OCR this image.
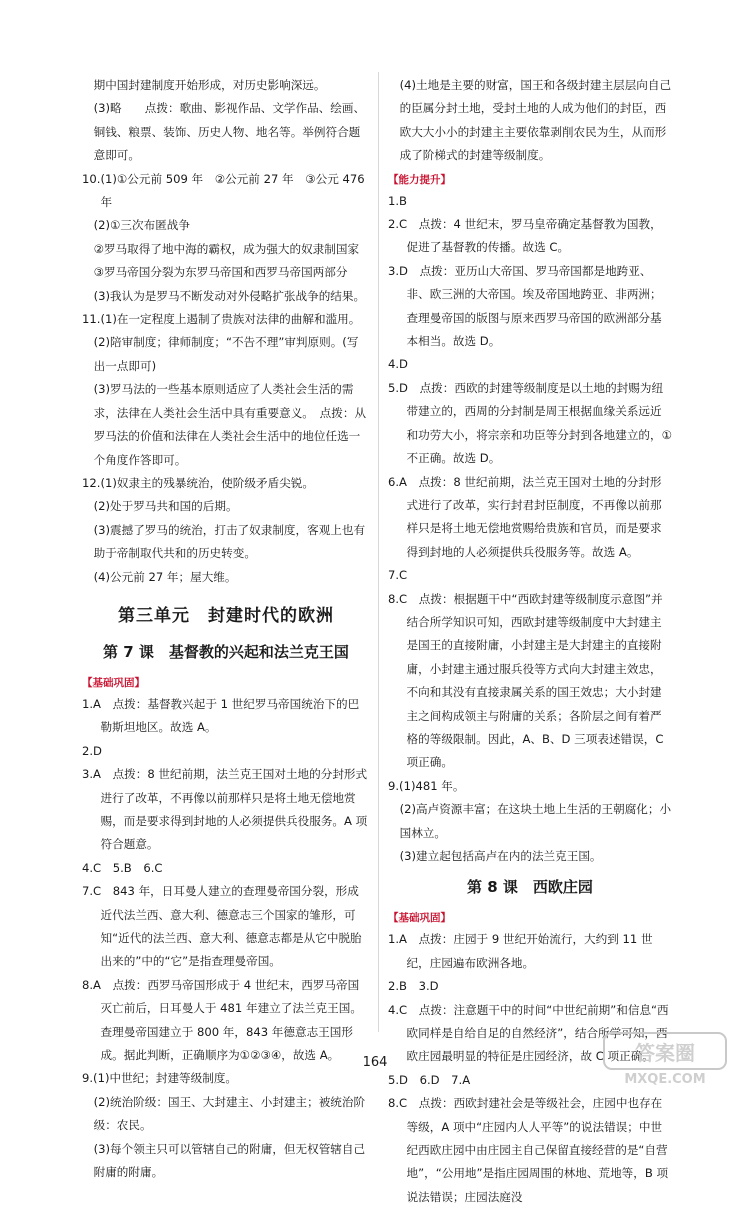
期中国封建制度开始形成，对历史影响深远。
(3)略　　点拨：歌曲、影视作品、文学作品、绘画、铜钱、粮票、装饰、历史人物、地名等。举例符合题意即可。
10.(1)①公元前 509 年　②公元前 27 年　③公元 476 年
(2)①三次布匿战争
②罗马取得了地中海的霸权，成为强大的奴隶制国家
③罗马帝国分裂为东罗马帝国和西罗马帝国两部分
(3)我认为是罗马不断发动对外侵略扩张战争的结果。
11.(1)在一定程度上遏制了贵族对法律的曲解和滥用。
(2)陪审制度；律师制度；“不告不理”审判原则。(写出一点即可)
(3)罗马法的一些基本原则适应了人类社会生活的需求，法律在人类社会生活中具有重要意义。　点拨：从罗马法的价值和法律在人类社会生活中的地位任选一个角度作答即可。
12.(1)奴隶主的残暴统治，使阶级矛盾尖锐。
(2)处于罗马共和国的后期。
(3)震撼了罗马的统治，打击了奴隶制度，客观上也有助于帝制取代共和的历史转变。
(4)公元前 27 年；屋大维。
第三单元　封建时代的欧洲
第 7 课　基督教的兴起和法兰克王国
【基础巩固】
1.A　点拨：基督教兴起于 1 世纪罗马帝国统治下的巴勒斯坦地区。故选 A。
2.D
3.A　点拨：8 世纪前期，法兰克王国对土地的分封形式进行了改革，不再像以前那样只是将土地无偿地赏赐，而是要求得到封地的人必须提供兵役服务。A 项符合题意。
4.C　5.B　6.C
7.C　843 年，日耳曼人建立的查理曼帝国分裂，形成近代法兰西、意大利、德意志三个国家的雏形，可知“近代的法兰西、意大利、德意志都是从它中脱胎出来的”中的“它”是指查理曼帝国。
8.A　点拨：西罗马帝国形成于 4 世纪末，西罗马帝国灭亡前后，日耳曼人于 481 年建立了法兰克王国。查理曼帝国建立于 800 年，843 年德意志王国形成。据此判断，正确顺序为①②③④，故选 A。
9.(1)中世纪；封建等级制度。
(2)统治阶级：国王、大封建主、小封建主；被统治阶级：农民。
(3)每个领主只可以管辖自己的附庸，但无权管辖自己附庸的附庸。
(4)土地是主要的财富，国王和各级封建主层层向自己的臣属分封土地，受封土地的人成为他们的封臣，西欧大大小小的封建主主要依靠剥削农民为生，从而形成了阶梯式的封建等级制度。
【能力提升】
1.B
2.C　点拨：4 世纪末，罗马皇帝确定基督教为国教，促进了基督教的传播。故选 C。
3.D　点拨：亚历山大帝国、罗马帝国都是地跨亚、非、欧三洲的大帝国。埃及帝国地跨亚、非两洲；查理曼帝国的版图与原来西罗马帝国的欧洲部分基本相当。故选 D。
4.D
5.D　点拨：西欧的封建等级制度是以土地的封赐为纽带建立的，西周的分封制是周王根据血缘关系远近和功劳大小，将宗亲和功臣等分封到各地建立的，①不正确。故选 D。
6.A　点拨：8 世纪前期，法兰克王国对土地的分封形式进行了改革，实行封君封臣制度，不再像以前那样只是将土地无偿地赏赐给贵族和官员，而是要求得到封地的人必须提供兵役服务等。故选 A。
7.C
8.C　点拨：根据题干中“西欧封建等级制度示意图”并结合所学知识可知，西欧封建等级制度中大封建主是国王的直接附庸，小封建主是大封建主的直接附庸，小封建主通过服兵役等方式向大封建主效忠，不向和其没有直接隶属关系的国王效忠；大小封建主之间构成领主与附庸的关系；各阶层之间有着严格的等级限制。因此，A、B、D 三项表述错误，C 项正确。
9.(1)481 年。
(2)高卢资源丰富；在这块土地上生活的王朝腐化；小国林立。
(3)建立起包括高卢在内的法兰克王国。
第 8 课　西欧庄园
【基础巩固】
1.A　点拨：庄园于 9 世纪开始流行，大约到 11 世纪，庄园遍布欧洲各地。
2.B　3.D
4.C　点拨：注意题干中的时间“中世纪前期”和信息“西欧同样是自给自足的自然经济”，结合所学可知，西欧庄园最明显的特征是庄园经济，故 C 项正确。
5.D　6.D　7.A
8.C　点拨：西欧封建社会是等级社会，庄园中也存在等级，A 项中“庄园内人人平等”的说法错误；中世纪西欧庄园中由庄园主自己保留直接经营的是“自营地”，“公用地”是指庄园周围的林地、荒地等，B 项说法错误；庄园法庭没
164	答案圈
MXQE.COM
